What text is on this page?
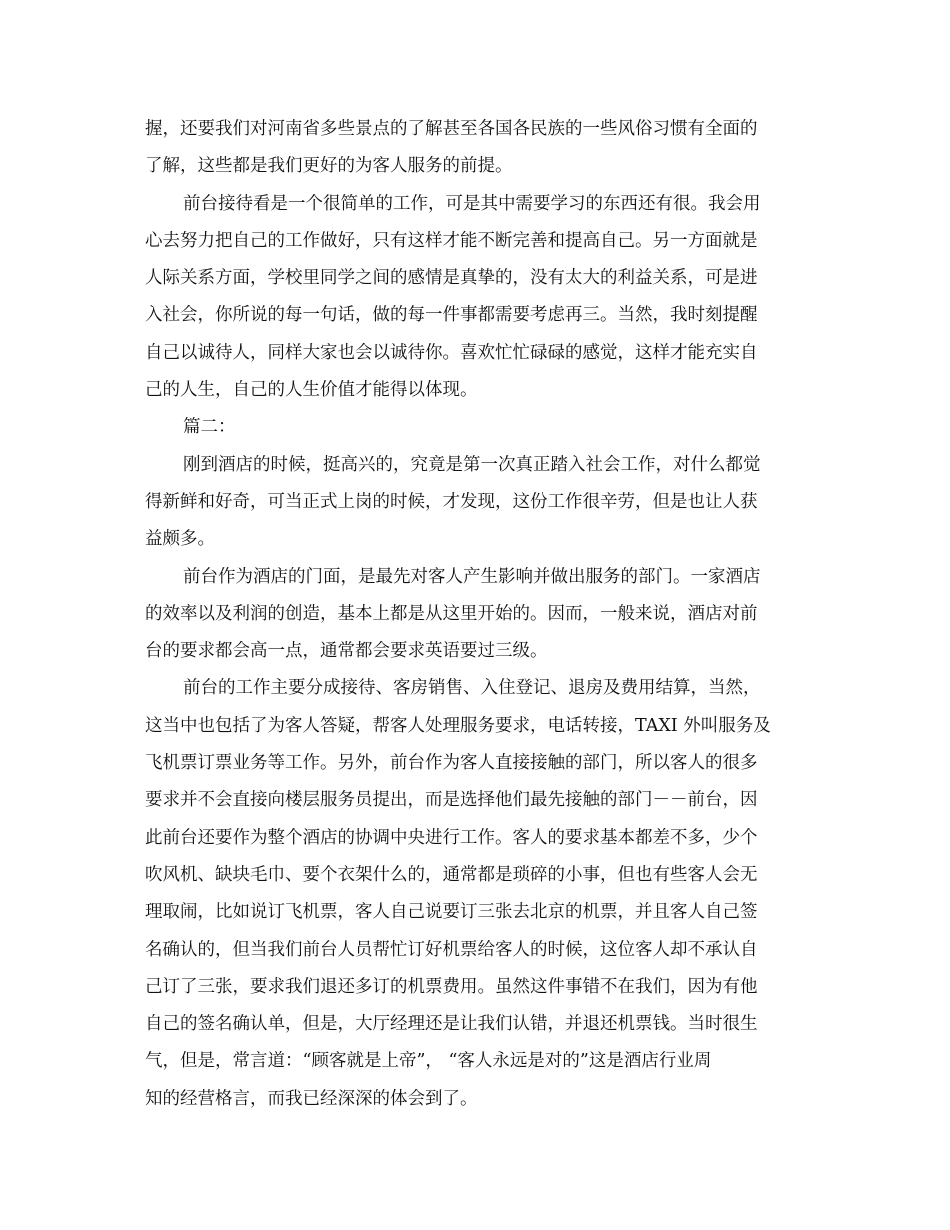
握，还要我们对河南省多些景点的了解甚至各国各民族的一些风俗习惯有全面的
了解，这些都是我们更好的为客人服务的前提。
前台接待看是一个很简单的工作，可是其中需要学习的东西还有很。我会用
心去努力把自己的工作做好，只有这样才能不断完善和提高自己。另一方面就是
人际关系方面，学校里同学之间的感情是真挚的，没有太大的利益关系，可是进
入社会，你所说的每一句话，做的每一件事都需要考虑再三。当然，我时刻提醒
自己以诚待人，同样大家也会以诚待你。喜欢忙忙碌碌的感觉，这样才能充实自
己的人生，自己的人生价值才能得以体现。
篇二：
刚到酒店的时候，挺高兴的，究竟是第一次真正踏入社会工作，对什么都觉
得新鲜和好奇，可当正式上岗的时候，才发现，这份工作很辛劳，但是也让人获
益颇多。
前台作为酒店的门面，是最先对客人产生影响并做出服务的部门。一家酒店
的效率以及利润的创造，基本上都是从这里开始的。因而，一般来说，酒店对前
台的要求都会高一点，通常都会要求英语要过三级。
前台的工作主要分成接待、客房销售、入住登记、退房及费用结算，当然，
这当中也包括了为客人答疑，帮客人处理服务要求，电话转接，TAXI 外叫服务及
飞机票订票业务等工作。另外，前台作为客人直接接触的部门，所以客人的很多
要求并不会直接向楼层服务员提出，而是选择他们最先接触的部门－－前台，因
此前台还要作为整个酒店的协调中央进行工作。客人的要求基本都差不多，少个
吹风机、缺块毛巾、要个衣架什么的，通常都是琐碎的小事，但也有些客人会无
理取闹，比如说订飞机票，客人自己说要订三张去北京的机票，并且客人自己签
名确认的，但当我们前台人员帮忙订好机票给客人的时候，这位客人却不承认自
己订了三张，要求我们退还多订的机票费用。虽然这件事错不在我们，因为有他
自己的签名确认单，但是，大厅经理还是让我们认错，并退还机票钱。当时很生
气，但是，常言道：“顾客就是上帝”， “客人永远是对的”这是酒店行业周
知的经营格言，而我已经深深的体会到了。
